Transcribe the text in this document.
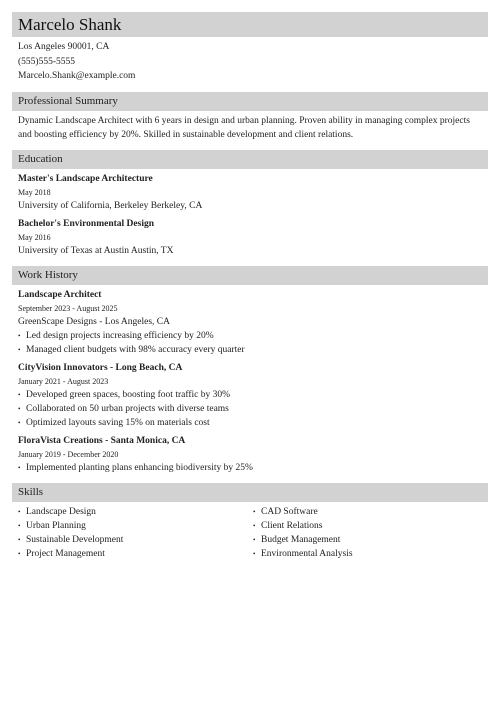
Marcelo Shank
Los Angeles 90001, CA
(555)555-5555
Marcelo.Shank@example.com
Professional Summary
Dynamic Landscape Architect with 6 years in design and urban planning. Proven ability in managing complex projects and boosting efficiency by 20%. Skilled in sustainable development and client relations.
Education
Master's Landscape Architecture
May 2018
University of California, Berkeley Berkeley, CA
Bachelor's Environmental Design
May 2016
University of Texas at Austin Austin, TX
Work History
Landscape Architect
September 2023 - August 2025
GreenScape Designs - Los Angeles, CA
• Led design projects increasing efficiency by 20%
• Managed client budgets with 98% accuracy every quarter
CityVision Innovators - Long Beach, CA
January 2021 - August 2023
• Developed green spaces, boosting foot traffic by 30%
• Collaborated on 50 urban projects with diverse teams
• Optimized layouts saving 15% on materials cost
FloraVista Creations - Santa Monica, CA
January 2019 - December 2020
• Implemented planting plans enhancing biodiversity by 25%
Skills
• Landscape Design
• Urban Planning
• Sustainable Development
• Project Management
• CAD Software
• Client Relations
• Budget Management
• Environmental Analysis
